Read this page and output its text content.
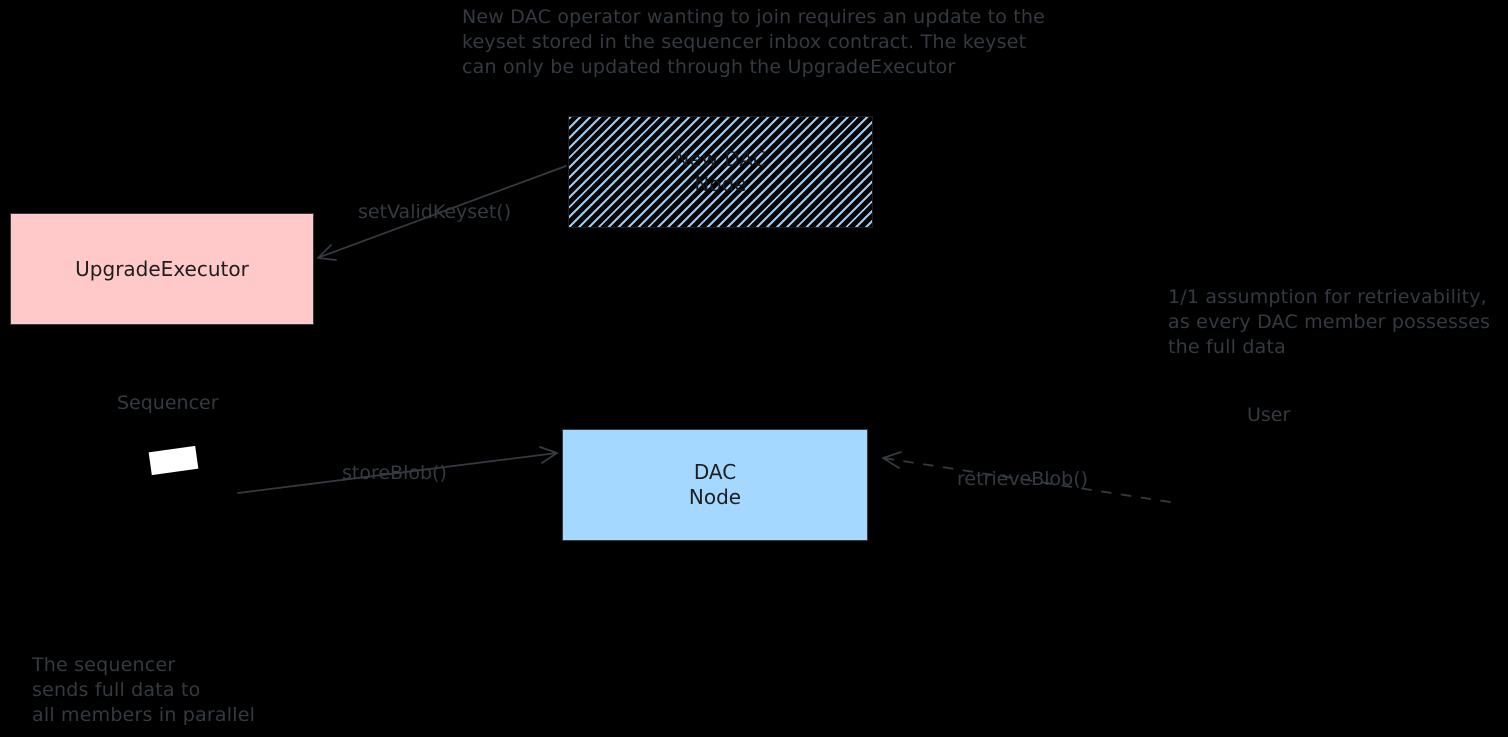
New DAC operator wanting to join requires an update to the
keyset stored in the sequencer inbox contract. The keyset
can only be updated through the UpgradeExecutor
New DAC
Node
UpgradeExecutor
DAC
Node
Sequencer
User
1/1 assumption for retrievability,
as every DAC member possesses
the full data
The sequencer
sends full data to
all members in parallel
setValidKeyset()
storeBlob()	retrieveBlob()
